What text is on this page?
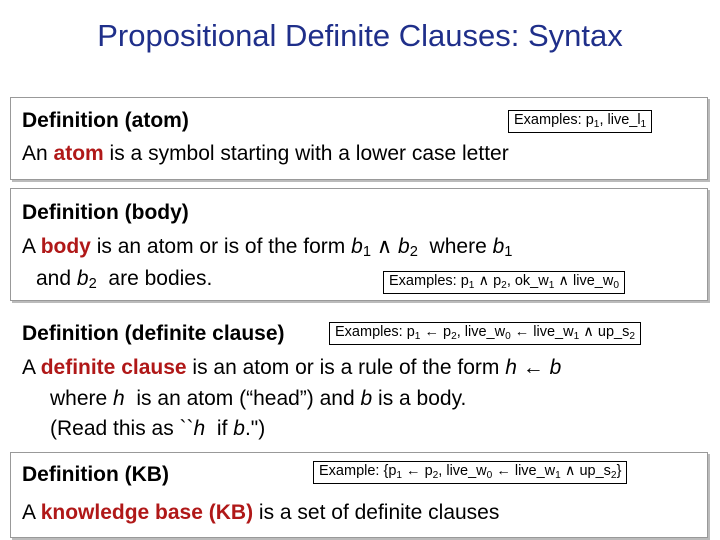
Propositional Definite Clauses: Syntax
Definition (atom)
An atom is a symbol starting with a lower case letter
Examples: $p_1$, $live\_l_1$
Definition (body)
A body is an atom or is of the form $b_1$ ∧ $b_2$  where $b_1$
and $b_2$  are bodies.	Examples: $p_1$ ∧ $p_2$, $ok\_w_1$ ∧ $live\_w_0$
Definition (definite clause)	Examples: $p_1$ ← $p_2$, $live\_w_0$ ← $live\_w_1$ ∧ $up\_s_2$
A definite clause is an atom or is a rule of the form h ← b
where h  is an atom (“head”) and b is a body.
(Read this as ``h  if b.")
Definition (KB)	Example: {$p_1$ ← $p_2$, $live\_w_0$ ← $live\_w_1$ ∧ $up\_s_2$}
A knowledge base (KB) is a set of definite clauses
